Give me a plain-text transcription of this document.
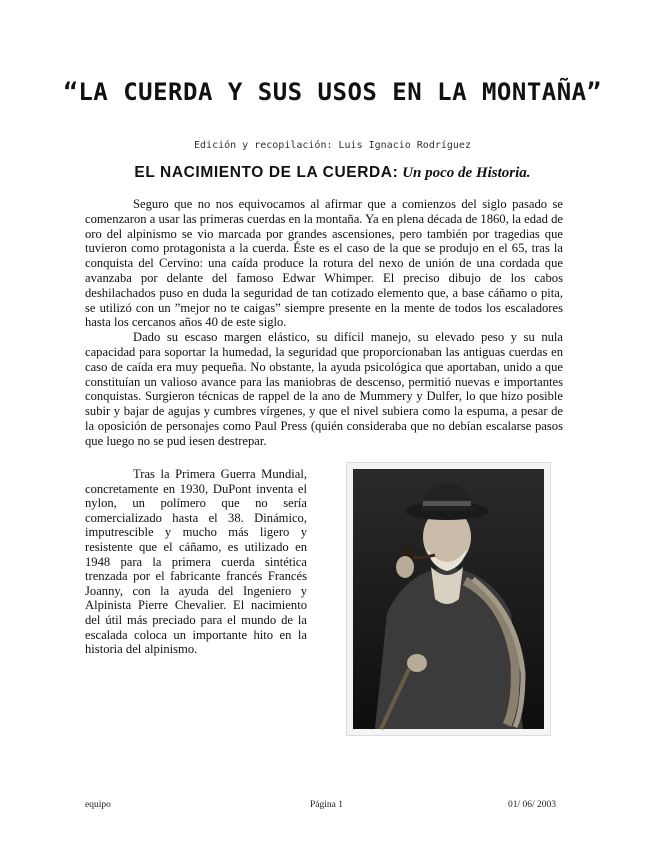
“LA CUERDA Y SUS USOS EN LA MONTAÑA”
Edición y recopilación: Luis Ignacio Rodríguez
EL NACIMIENTO DE LA CUERDA: Un poco de Historia.

Seguro que no nos equivocamos al afirmar que a comienzos del siglo pasado se comenzaron a usar las primeras cuerdas en la montaña. Ya en plena década de 1860, la edad de oro del alpinismo se vio marcada por grandes ascensiones, pero también por tragedias que tuvieron como protagonista a la cuerda. Éste es el caso de la que se produjo en el 65, tras la conquista del Cervino: una caída produce la rotura del nexo de unión de una cordada que avanzaba por delante del famoso Edwar Whimper. El preciso dibujo de los cabos deshilachados puso en duda la seguridad de tan cotizado elemento que, a base cáñamo o pita, se utilizó con un ”mejor no te caigas” siempre presente en la mente de todos los escaladores hasta los cercanos años 40 de este siglo.

Dado su escaso margen elástico, su difícil manejo, su elevado peso y su nula capacidad para soportar la humedad, la seguridad que proporcionaban las antiguas cuerdas en caso de caída era muy pequeña. No obstante, la ayuda psicológica que aportaban, unido a que constituían un valioso avance para las maniobras de descenso, permitió nuevas e importantes conquistas. Surgieron técnicas de rappel de la ano de Mummery y Dulfer, lo que hizo posible subir y bajar de agujas y cumbres vírgenes, y que el nivel subiera como la espuma, a pesar de la oposición de personajes como Paul Press (quién consideraba que no debían escalarse pasos que luego no se pud iesen destrepar.

Tras la Primera Guerra Mundial, concretamente en 1930, DuPont inventa el nylon, un polímero que no sería comercializado hasta el 38. Dinámico, imputrescible y mucho más ligero y resistente que el cáñamo, es utilizado en 1948 para la primera cuerda sintética trenzada por el fabricante francés Francés Joanny, con la ayuda del Ingeniero y Alpinista Pierre Chevalier. El nacimiento del útil más preciado para el mundo de la escalada coloca un importante hito en la historia del alpinismo.

equipo	Página 1	01/ 06/ 2003
